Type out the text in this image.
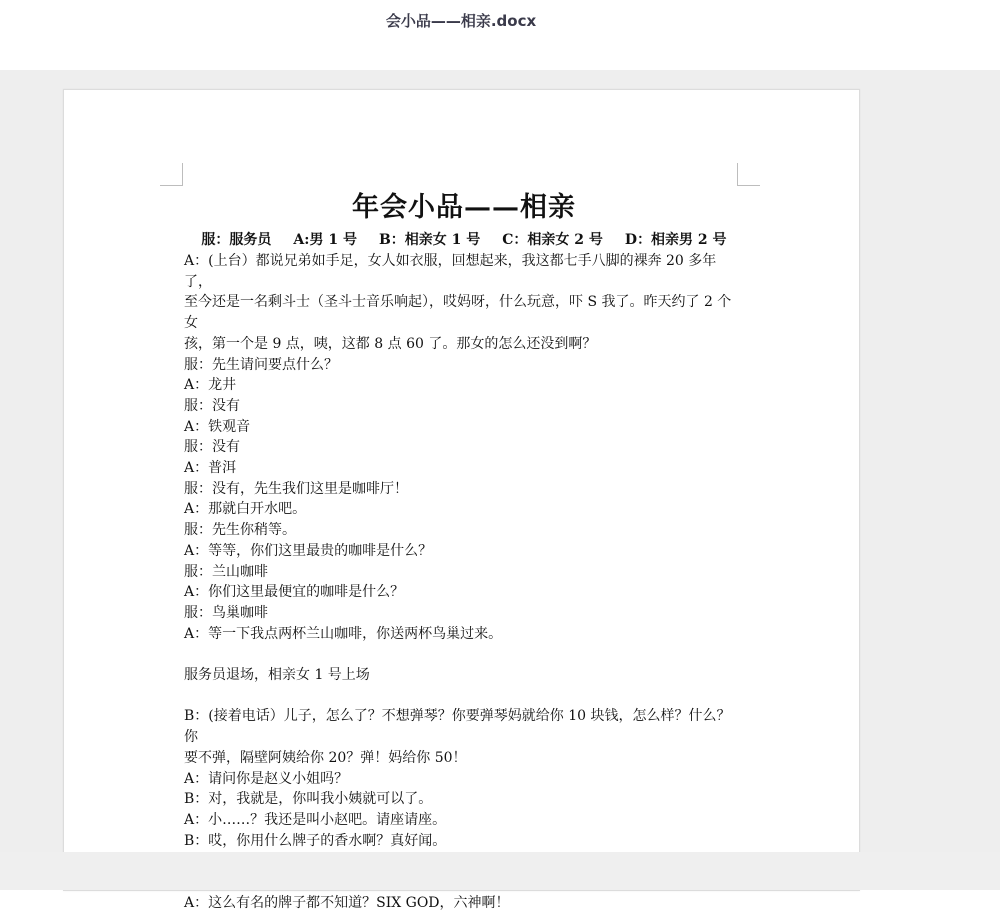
会小品——相亲.docx
年会小品——相亲
服：服务员 A:男 1 号 B：相亲女 1 号 C：相亲女 2 号 D：相亲男 2 号
A：(上台）都说兄弟如手足，女人如衣服，回想起来，我这都七手八脚的裸奔 20 多年了，
至今还是一名剩斗士（圣斗士音乐响起），哎妈呀，什么玩意，吓 S 我了。昨天约了 2 个女
孩，第一个是 9 点，咦，这都 8 点 60 了。那女的怎么还没到啊？
服：先生请问要点什么？
A：龙井
服：没有
A：铁观音
服：没有
A：普洱
服：没有，先生我们这里是咖啡厅！
A：那就白开水吧。
服：先生你稍等。
A：等等，你们这里最贵的咖啡是什么？
服：兰山咖啡
A：你们这里最便宜的咖啡是什么？
服：鸟巢咖啡
A：等一下我点两杯兰山咖啡，你送两杯鸟巢过来。
服务员退场，相亲女 1 号上场
B：(接着电话）儿子，怎么了？不想弹琴？你要弹琴妈就给你 10 块钱，怎么样？什么？你
要不弹，隔壁阿姨给你 20？弹！妈给你 50！
A：请问你是赵义小姐吗？
B：对，我就是，你叫我小姨就可以了。
A：小……？我还是叫小赵吧。请座请座。
B：哎，你用什么牌子的香水啊？真好闻。
A：这么有名的牌子都不知道？SIX GOD，六神啊！
